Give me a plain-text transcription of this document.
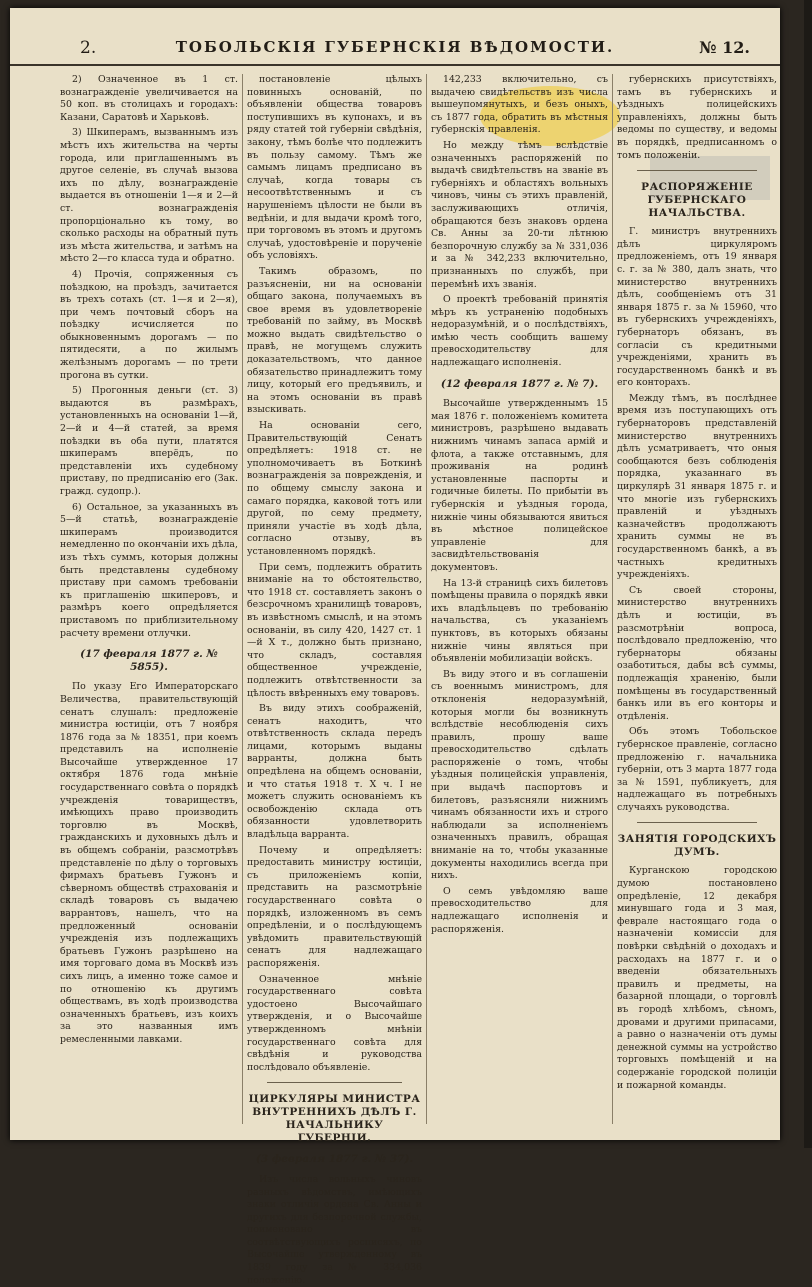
2.	ТОБОЛЬСКІЯ ГУБЕРНСКІЯ ВѢДОМОСТИ.	№ 12.

2) Означенное въ 1 ст. вознагражденіе увеличивается на 50 коп. въ столицахъ и городахъ: Казани, Саратовѣ и Харьковѣ.

3) Шкиперамъ, вызваннымъ изъ мѣстъ ихъ жительства на черты города, или приглашеннымъ въ другое селеніе, въ случаѣ вызова ихъ по дѣлу, вознагражденіе выдается въ отношеніи 1—я и 2—й ст. вознагражденія пропорціонально къ тому, во сколько расходы на обратный путь изъ мѣста жительства, и затѣмъ на мѣсто 2—го класса туда и обратно.

4) Прочія, сопряженныя съ поѣздкою, на проѣздъ, зачитается въ трехъ сотахъ (ст. 1—я и 2—я), при чемъ почтовый сборъ на поѣздку исчисляется по обыкновеннымъ дорогамъ — по пятидесяти, а по жилымъ желѣзнымъ дорогамъ — по трети прогона въ сутки.

5) Прогонныя деньги (ст. 3) выдаются въ размѣрахъ, установленныхъ на основаніи 1—й, 2—й и 4—й статей, за время поѣздки въ оба пути, платятся шкиперамъ вперёдъ, по представленіи ихъ судебному приставу, по предписанію его (Зак. гражд. судопр.).

6) Остальное, за указанныхъ въ 5—й статьѣ, вознагражденіе шкиперамъ производится немедленно по окончаніи ихъ дѣла, изъ тѣхъ суммъ, которыя должны быть представлены судебному приставу при самомъ требованіи къ приглашенію шкиперовъ, и размѣръ коего опредѣляется приставомъ по приблизительному расчету времени отлучки.

(17 февраля 1877 г. № 5855).

По указу Его Императорскаго Величества, правительствующій сенатъ слушалъ: предложеніе министра юстиціи, отъ 7 ноября 1876 года за № 18351, при коемъ представилъ на исполненіе Высочайше утвержденное 17 октября 1876 года мнѣніе государственнаго совѣта о порядкѣ учрежденія товариществъ, имѣющихъ право производить торговлю въ Москвѣ, гражданскихъ и духовныхъ дѣлъ и въ общемъ собраніи, разсмотрѣвъ представленіе по дѣлу о торговыхъ фирмахъ братьевъ Гужонъ и сѣверномъ обществѣ страхованія и складѣ товаровъ съ выдачею варрантовъ, нашелъ, что на предложенный основаніи учрежденія изъ подлежащихъ братьевъ Гужонъ разрѣшено на имя торговаго дома въ Москвѣ изъ сихъ лицъ, а именно тоже самое и по отношенію къ другимъ обществамъ, въ ходѣ производства означенныхъ братьевъ, изъ коихъ за это названныя имъ ремесленными лавками.

постановленіе цѣлыхъ повинныхъ основаній, по объявленіи общества товаровъ поступившихъ въ купонахъ, и въ ряду статей той губерніи свѣдѣнія, закону, тѣмъ болѣе что подлежитъ въ пользу самому. Тѣмъ же самымъ лицамъ предписано въ случаѣ, когда товары съ несоотвѣтственнымъ и съ нарушеніемъ цѣлости не были въ ведѣніи, и для выдачи кромѣ того, при торговомъ въ этомъ и другомъ случаѣ, удостовѣреніе и порученіе объ условіяхъ.

Такимъ образомъ, по разъясненіи, ни на основаніи общаго закона, получаемыхъ въ свое время въ удовлетвореніе требованій по займу, въ Москвѣ можно выдать свидѣтельство о правѣ, не могущемъ служить доказательствомъ, что данное обязательство принадлежитъ тому лицу, который его предъявилъ, и на этомъ основаніи въ правѣ взыскивать.

На основаніи сего, Правительствующій Сенатъ опредѣляетъ: 1918 ст. не уполномочиваетъ въ Боткинѣ вознагражденія за поврежденія, и по общему смыслу закона и самаго порядка, каковой тотъ или другой, по сему предмету, приняли участіе въ ходѣ дѣла, согласно отзыву, въ установленномъ порядкѣ.

При семъ, подлежитъ обратить вниманіе на то обстоятельство, что 1918 ст. составляетъ законъ о безсрочномъ хранилищѣ товаровъ, въ извѣстномъ смыслѣ, и на этомъ основаніи, въ силу 420, 1427 ст. 1—й X т., должно быть признано, что складъ, составляя общественное учрежденіе, подлежитъ отвѣтственности за цѣлость ввѣренныхъ ему товаровъ.

Въ виду этихъ соображеній, сенатъ находитъ, что отвѣтственность склада передъ лицами, которымъ выданы варранты, должна быть опредѣлена на общемъ основаніи, и что статья 1918 т. X ч. I не можетъ служить основаніемъ къ освобожденію склада отъ обязанности удовлетворить владѣльца варранта.

Почему и опредѣляетъ: предоставить министру юстиціи, съ приложеніемъ копіи, представить на разсмотрѣніе государственнаго совѣта о порядкѣ, изложенномъ въ семъ опредѣленіи, и о послѣдующемъ увѣдомить правительствующій сенатъ для надлежащаго распоряженія.

Означенное мнѣніе государственнаго совѣта удостоено Высочайшаго утвержденія, и о Высочайше утвержденномъ мнѣніи государственнаго совѣта для свѣдѣнія и руководства послѣдовало объявленіе.

ЦИРКУЛЯРЫ МИНИСТРА ВНУТРЕННИХЪ ДѢЛЪ Г. НАЧАЛЬНИКУ ГУБЕРНІИ.
(3 февраля 1877 г. № 37).

Изъ числа вольныхъ чиновъ разныхъ вѣдомствъ, имѣющихъ знаки отличія ордена Св. Анны и другихъ для безпорочной службы, поименовано въ соотвѣтствующихъ росписяхъ, по Высочайше утвержденному въ 1839 году за № 334,036 положенію.

142,233 включительно, съ выдачею свидѣтельствъ изъ числа вышеупомянутыхъ, и безъ оныхъ, съ 1877 года, обратить въ мѣстныя губернскія правленія.

Но между тѣмъ вслѣдствіе означенныхъ распоряженій по выдачѣ свидѣтельствъ на званіе въ губерніяхъ и областяхъ вольныхъ чиновъ, чины съ этихъ правленій, заслуживающихъ отличія, обращаются безъ знаковъ ордена Св. Анны за 20-ти лѣтнюю безпорочную службу за № 331,036 и за № 342,233 включительно, признанныхъ по службѣ, при перемѣнѣ ихъ званія.

О проектѣ требованій принятія мѣръ къ устраненію подобныхъ недоразумѣній, и о послѣдствіяхъ, имѣю честь сообщить вашему превосходительству для надлежащаго исполненія.

(12 февраля 1877 г. № 7).

Высочайше утвержденнымъ 15 мая 1876 г. положеніемъ комитета министровъ, разрѣшено выдавать нижнимъ чинамъ запаса армій и флота, а также отставнымъ, для проживанія на родинѣ установленные паспорты и годичные билеты. По прибытіи въ губернскія и уѣздныя города, нижніе чины обязываются явиться въ мѣстное полицейское управленіе для засвидѣтельствованія документовъ.

На 13-й страницѣ сихъ билетовъ помѣщены правила о порядкѣ явки ихъ владѣльцевъ по требованію начальства, съ указаніемъ пунктовъ, въ которыхъ обязаны нижніе чины являться при объявленіи мобилизаціи войскъ.

Въ виду этого и въ соглашеніи съ военнымъ министромъ, для отклоненія недоразумѣній, которыя могли бы возникнуть вслѣдствіе несоблюденія сихъ правилъ, прошу ваше превосходительство сдѣлать распоряженіе о томъ, чтобы уѣздныя полицейскія управленія, при выдачѣ паспортовъ и билетовъ, разъясняли нижнимъ чинамъ обязанности ихъ и строго наблюдали за исполненіемъ означенныхъ правилъ, обращая вниманіе на то, чтобы указанные документы находились всегда при нихъ.

О семъ увѣдомляю ваше превосходительство для надлежащаго исполненія и распоряженія.

губернскихъ присутствіяхъ, тамъ въ губернскихъ и уѣздныхъ полицейскихъ управленіяхъ, должны быть ведомы по существу, и ведомы въ порядкѣ, предписанномъ о томъ положеніи.

РАСПОРЯЖЕНІЕ ГУБЕРНСКАГО НАЧАЛЬСТВА.

Г. министръ внутреннихъ дѣлъ циркуляромъ предложеніемъ, отъ 19 января с. г. за № 380, далъ знать, что министерство внутреннихъ дѣлъ, сообщеніемъ отъ 31 января 1875 г. за № 15960, что въ губернскихъ учрежденіяхъ, губернаторъ обязанъ, въ согласіи съ кредитными учрежденіями, хранить въ государственномъ банкѣ и въ его конторахъ.

Между тѣмъ, въ послѣднее время изъ поступающихъ отъ губернаторовъ представленій министерство внутреннихъ дѣлъ усматриваетъ, что оныя сообщаются безъ соблюденія порядка, указаннаго въ циркулярѣ 31 января 1875 г. и что многіе изъ губернскихъ правленій и уѣздныхъ казначействъ продолжаютъ хранить суммы не въ государственномъ банкѣ, а въ частныхъ кредитныхъ учрежденіяхъ.

Съ своей стороны, министерство внутреннихъ дѣлъ и юстиціи, въ разсмотрѣніи вопроса, послѣдовало предложенію, что губернаторы обязаны озаботиться, дабы всѣ суммы, подлежащія храненію, были помѣщены въ государственный банкъ или въ его конторы и отдѣленія.

Объ этомъ Тобольское губернское правленіе, согласно предложенію г. начальника губерніи, отъ 3 марта 1877 года за № 1591, публикуетъ, для надлежащаго въ потребныхъ случаяхъ руководства.

ЗАНЯТІЯ ГОРОДСКИХЪ ДУМЪ.

Курганскою городскою думою постановлено опредѣленіе, 12 декабря минувшаго года и 3 мая, феврале настоящаго года о назначеніи комиссіи для повѣрки свѣдѣній о доходахъ и расходахъ на 1877 г. и о введеніи обязательныхъ правилъ и предметы, на базарной площади, о торговлѣ въ городѣ хлѣбомъ, сѣномъ, дровами и другими припасами, а равно о назначеніи отъ думы денежной суммы на устройство торговыхъ помѣщеній и на содержаніе городской полиціи и пожарной команды.
